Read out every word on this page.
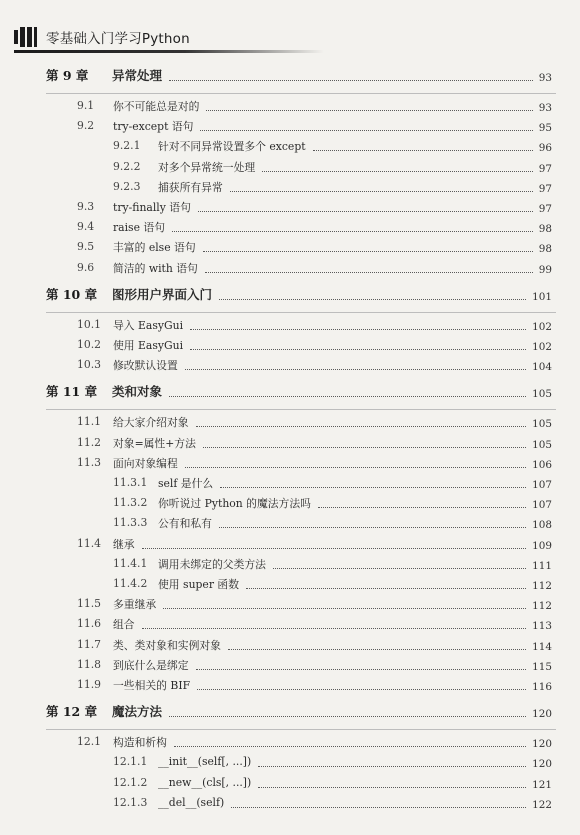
零基础入门学习Python
第 9 章 异常处理	93
9.1 你不可能总是对的	93
9.2 try-except 语句	95
9.2.1 针对不同异常设置多个 except	96
9.2.2 对多个异常统一处理	97
9.2.3 捕获所有异常	97
9.3 try-finally 语句	97
9.4 raise 语句	98
9.5 丰富的 else 语句	98
9.6 简洁的 with 语句	99
第 10 章 图形用户界面入门	101
10.1 导入 EasyGui	102
10.2 使用 EasyGui	102
10.3 修改默认设置	104
第 11 章 类和对象	105
11.1 给大家介绍对象	105
11.2 对象=属性+方法	105
11.3 面向对象编程	106
11.3.1 self 是什么	107
11.3.2 你听说过 Python 的魔法方法吗	107
11.3.3 公有和私有	108
11.4 继承	109
11.4.1 调用未绑定的父类方法	111
11.4.2 使用 super 函数	112
11.5 多重继承	112
11.6 组合	113
11.7 类、类对象和实例对象	114
11.8 到底什么是绑定	115
11.9 一些相关的 BIF	116
第 12 章 魔法方法	120
12.1 构造和析构	120
12.1.1 __init__(self[, ...])	120
12.1.2 __new__(cls[, ...])	121
12.1.3 __del__(self)	122
